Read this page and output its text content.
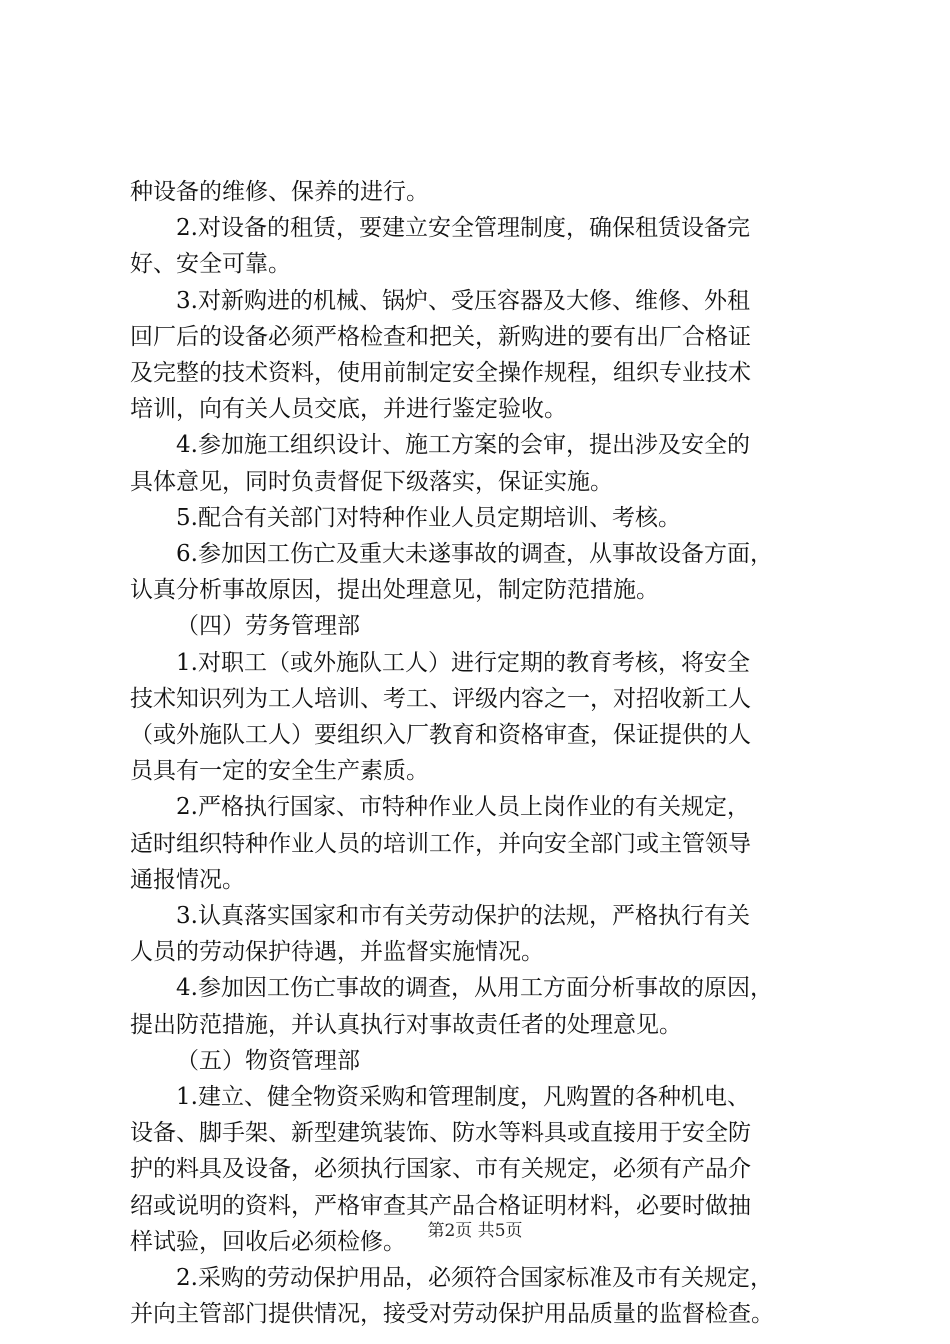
种设备的维修、保养的进行。

2.对设备的租赁，要建立安全管理制度，确保租赁设备完

好、安全可靠。

3.对新购进的机械、锅炉、受压容器及大修、维修、外租

回厂后的设备必须严格检查和把关，新购进的要有出厂合格证

及完整的技术资料，使用前制定安全操作规程，组织专业技术

培训，向有关人员交底，并进行鉴定验收。

4.参加施工组织设计、施工方案的会审，提出涉及安全的

具体意见，同时负责督促下级落实，保证实施。

5.配合有关部门对特种作业人员定期培训、考核。

6.参加因工伤亡及重大未遂事故的调查，从事故设备方面，

认真分析事故原因，提出处理意见，制定防范措施。

（四）劳务管理部

1.对职工（或外施队工人）进行定期的教育考核，将安全

技术知识列为工人培训、考工、评级内容之一，对招收新工人

（或外施队工人）要组织入厂教育和资格审查，保证提供的人

员具有一定的安全生产素质。

2.严格执行国家、市特种作业人员上岗作业的有关规定，

适时组织特种作业人员的培训工作，并向安全部门或主管领导

通报情况。

3.认真落实国家和市有关劳动保护的法规，严格执行有关

人员的劳动保护待遇，并监督实施情况。

4.参加因工伤亡事故的调查，从用工方面分析事故的原因，

提出防范措施，并认真执行对事故责任者的处理意见。

（五）物资管理部

1.建立、健全物资采购和管理制度，凡购置的各种机电、

设备、脚手架、新型建筑装饰、防水等料具或直接用于安全防

护的料具及设备，必须执行国家、市有关规定，必须有产品介

绍或说明的资料，严格审查其产品合格证明材料，必要时做抽

样试验，回收后必须检修。

2.采购的劳动保护用品，必须符合国家标准及市有关规定，

并向主管部门提供情况，接受对劳动保护用品质量的监督检查。

第2页 共5页
